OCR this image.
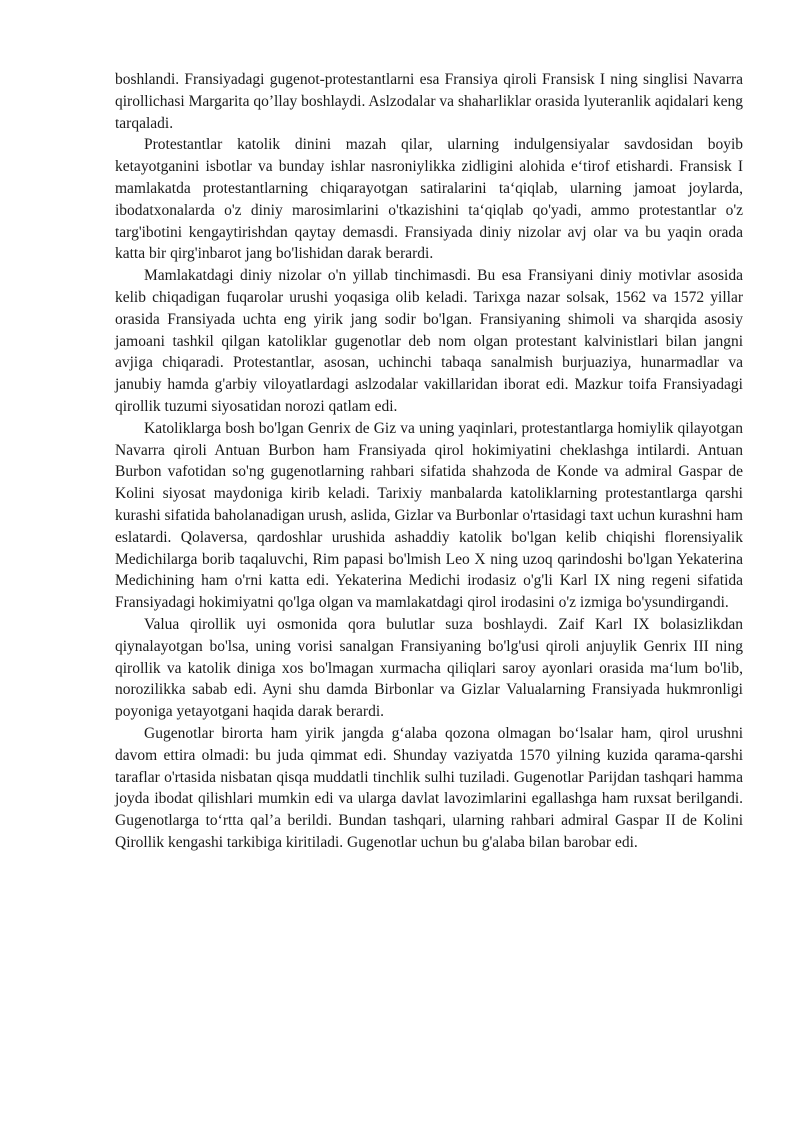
boshlandi. Fransiyadagi gugenot-protestantlarni esa Fransiya qiroli Fransisk I ning singlisi Navarra qirollichasi Margarita qo’llay boshlaydi. Aslzodalar va shaharliklar orasida lyuteranlik aqidalari keng tarqaladi.

Protestantlar katolik dinini mazah qilar, ularning indulgensiyalar savdosidan boyib ketayotganini isbotlar va bunday ishlar nasroniylikka zidligini alohida e‘tirof etishardi. Fransisk I mamlakatda protestantlarning chiqarayotgan satiralarini ta‘qiqlab, ularning jamoat joylarda, ibodatxonalarda o'z diniy marosimlarini o'tkazishini ta‘qiqlab qo'yadi, ammo protestantlar o'z targ'ibotini kengaytirishdan qaytay demasdi. Fransiyada diniy nizolar avj olar va bu yaqin orada katta bir qirg'inbarot jang bo'lishidan darak berardi.

Mamlakatdagi diniy nizolar o'n yillab tinchimasdi. Bu esa Fransiyani diniy motivlar asosida kelib chiqadigan fuqarolar urushi yoqasiga olib keladi. Tarixga nazar solsak, 1562 va 1572 yillar orasida Fransiyada uchta eng yirik jang sodir bo'lgan. Fransiyaning shimoli va sharqida asosiy jamoani tashkil qilgan katoliklar gugenotlar deb nom olgan protestant kalvinistlari bilan jangni avjiga chiqaradi. Protestantlar, asosan, uchinchi tabaqa sanalmish burjuaziya, hunarmadlar va janubiy hamda g'arbiy viloyatlardagi aslzodalar vakillaridan iborat edi. Mazkur toifa Fransiyadagi qirollik tuzumi siyosatidan norozi qatlam edi.

Katoliklarga bosh bo'lgan Genrix de Giz va uning yaqinlari, protestantlarga homiylik qilayotgan Navarra qiroli Antuan Burbon ham Fransiyada qirol hokimiyatini cheklashga intilardi. Antuan Burbon vafotidan so'ng gugenotlarning rahbari sifatida shahzoda de Konde va admiral Gaspar de Kolini siyosat maydoniga kirib keladi. Tarixiy manbalarda katoliklarning protestantlarga qarshi kurashi sifatida baholanadigan urush, aslida, Gizlar va Burbonlar o'rtasidagi taxt uchun kurashni ham eslatardi. Qolaversa, qardoshlar urushida ashaddiy katolik bo'lgan kelib chiqishi florensiyalik Medichilarga borib taqaluvchi, Rim papasi bo'lmish Leo X ning uzoq qarindoshi bo'lgan Yekaterina Medichining ham o'rni katta edi. Yekaterina Medichi irodasiz o'g'li Karl IX ning regeni sifatida Fransiyadagi hokimiyatni qo'lga olgan va mamlakatdagi qirol irodasini o'z izmiga bo'ysundirgandi.

Valua qirollik uyi osmonida qora bulutlar suza boshlaydi. Zaif Karl IX bolasizlikdan qiynalayotgan bo'lsa, uning vorisi sanalgan Fransiyaning bo'lg'usi qiroli anjuylik Genrix III ning qirollik va katolik diniga xos bo'lmagan xurmacha qiliqlari saroy ayonlari orasida ma‘lum bo'lib, norozilikka sabab edi. Ayni shu damda Birbonlar va Gizlar Valualarning Fransiyada hukmronligi poyoniga yetayotgani haqida darak berardi.

Gugenotlar birorta ham yirik jangda g‘alaba qozona olmagan bo‘lsalar ham, qirol urushni davom ettira olmadi: bu juda qimmat edi. Shunday vaziyatda 1570 yilning kuzida qarama-qarshi taraflar o'rtasida nisbatan qisqa muddatli tinchlik sulhi tuziladi. Gugenotlar Parijdan tashqari hamma joyda ibodat qilishlari mumkin edi va ularga davlat lavozimlarini egallashga ham ruxsat berilgandi. Gugenotlarga to‘rtta qal’a berildi. Bundan tashqari, ularning rahbari admiral Gaspar II de Kolini Qirollik kengashi tarkibiga kiritiladi. Gugenotlar uchun bu g'alaba bilan barobar edi.
